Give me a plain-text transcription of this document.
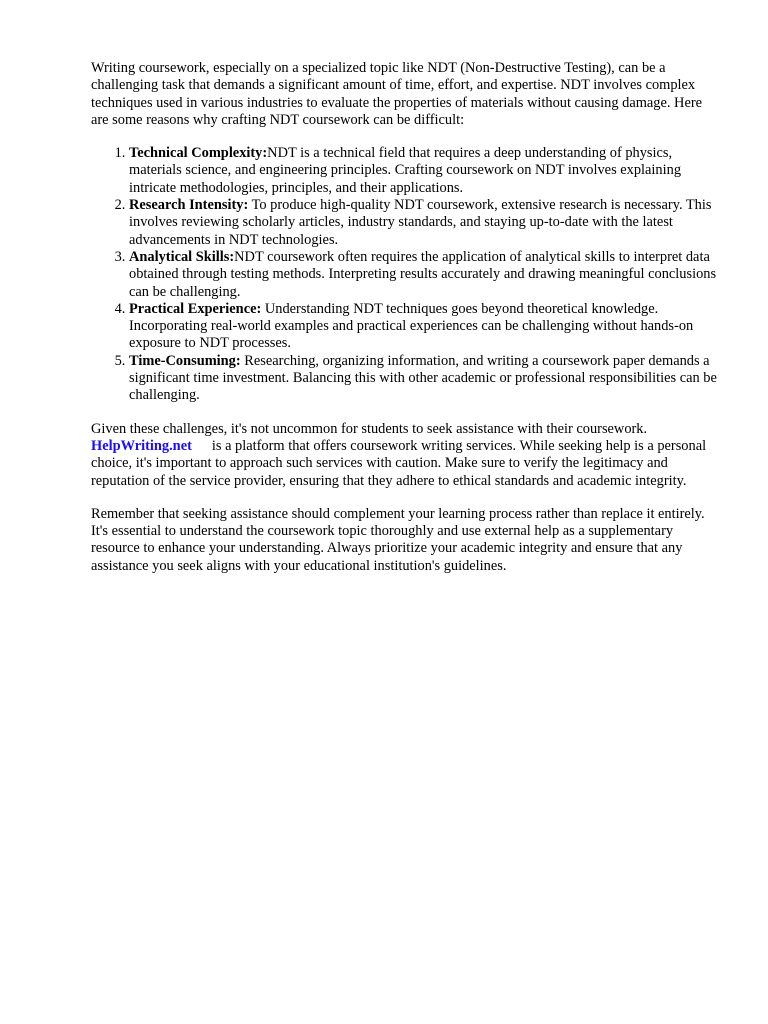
Writing coursework, especially on a specialized topic like NDT (Non-Destructive Testing), can be a challenging task that demands a significant amount of time, effort, and expertise. NDT involves complex techniques used in various industries to evaluate the properties of materials without causing damage. Here are some reasons why crafting NDT coursework can be difficult:

1. Technical Complexity:NDT is a technical field that requires a deep understanding of physics, materials science, and engineering principles. Crafting coursework on NDT involves explaining intricate methodologies, principles, and their applications.
2. Research Intensity: To produce high-quality NDT coursework, extensive research is necessary. This involves reviewing scholarly articles, industry standards, and staying up-to-date with the latest advancements in NDT technologies.
3. Analytical Skills:NDT coursework often requires the application of analytical skills to interpret data obtained through testing methods. Interpreting results accurately and drawing meaningful conclusions can be challenging.
4. Practical Experience: Understanding NDT techniques goes beyond theoretical knowledge. Incorporating real-world examples and practical experiences can be challenging without hands-on exposure to NDT processes.
5. Time-Consuming: Researching, organizing information, and writing a coursework paper demands a significant time investment. Balancing this with other academic or professional responsibilities can be challenging.

Given these challenges, it's not uncommon for students to seek assistance with their coursework.
HelpWriting.net is a platform that offers coursework writing services. While seeking help is a personal choice, it's important to approach such services with caution. Make sure to verify the legitimacy and reputation of the service provider, ensuring that they adhere to ethical standards and academic integrity.

Remember that seeking assistance should complement your learning process rather than replace it entirely. It's essential to understand the coursework topic thoroughly and use external help as a supplementary resource to enhance your understanding. Always prioritize your academic integrity and ensure that any assistance you seek aligns with your educational institution's guidelines.
